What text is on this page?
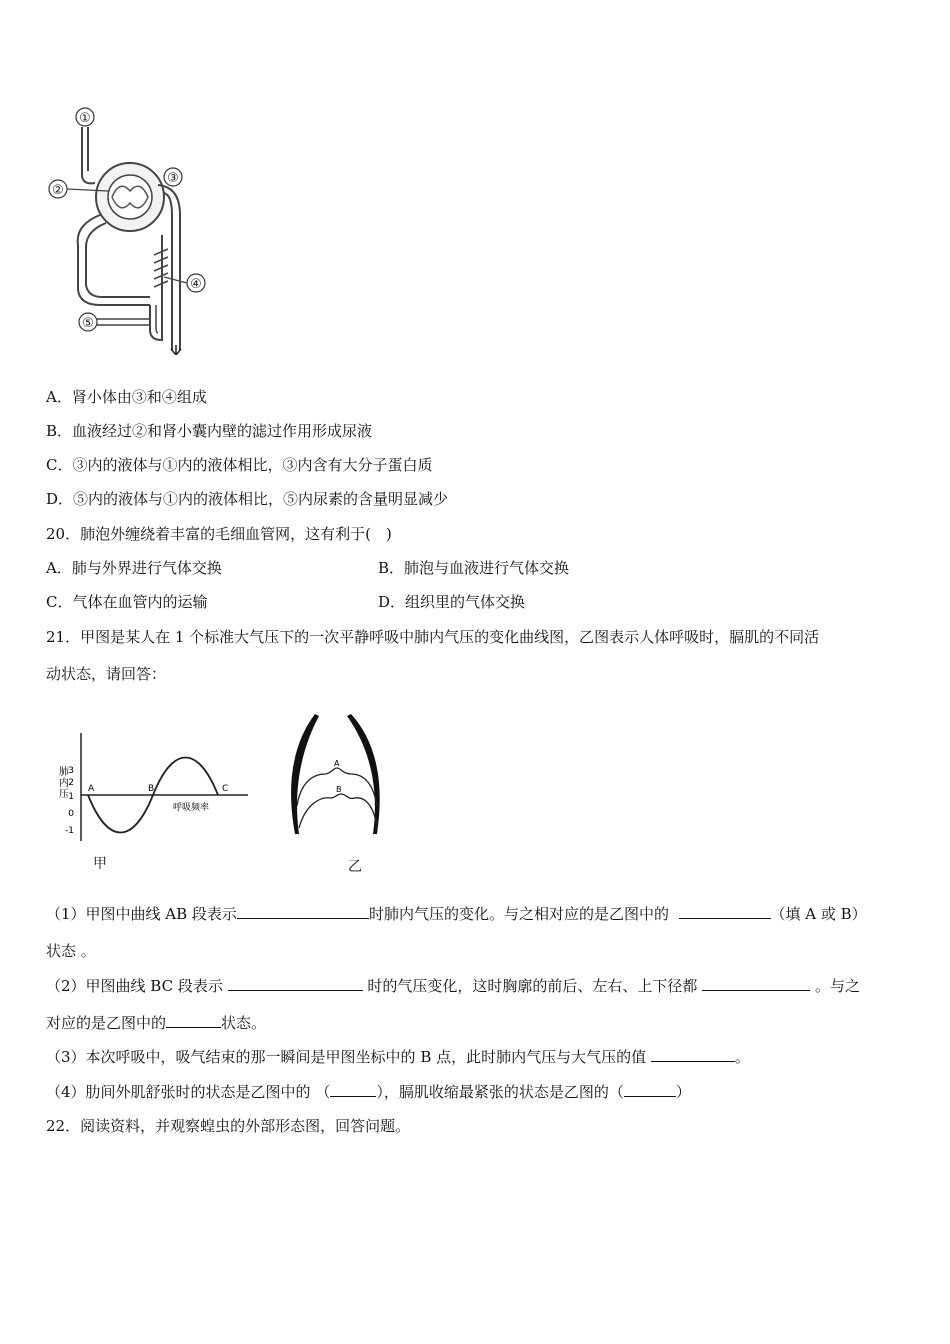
①
②
③
④
⑤
A．肾小体由③和④组成
B．血液经过②和肾小囊内壁的滤过作用形成尿液
C．③内的液体与①内的液体相比，③内含有大分子蛋白质
D．⑤内的液体与①内的液体相比，⑤内尿素的含量明显减少
20．肺泡外缠绕着丰富的毛细血管网，这有利于(　)
A．肺与外界进行气体交换	B．肺泡与血液进行气体交换
C．气体在血管内的运输	D．组织里的气体交换
21．甲图是某人在 1 个标准大气压下的一次平静呼吸中肺内气压的变化曲线图，乙图表示人体呼吸时，膈肌的不同活
动状态，请回答：
3
2
1
0
-1
肺 内 压	A	B	C
呼吸频率
甲
A
B
乙
（1）甲图中曲线 AB 段表示	时肺内气压的变化。与之相对应的是乙图中的	（填 A 或 B）
状态 。
（2）甲图曲线 BC 段表示	时的气压变化，这时胸廓的前后、左右、上下径都	。与之
对应的是乙图中的	状态。
（3）本次呼吸中，吸气结束的那一瞬间是甲图坐标中的 B 点，此时肺内气压与大气压的值	。
（4）肋间外肌舒张时的状态是乙图中的 （	），膈肌收缩最紧张的状态是乙图的（	）
22．阅读资料，并观察蝗虫的外部形态图，回答问题。
